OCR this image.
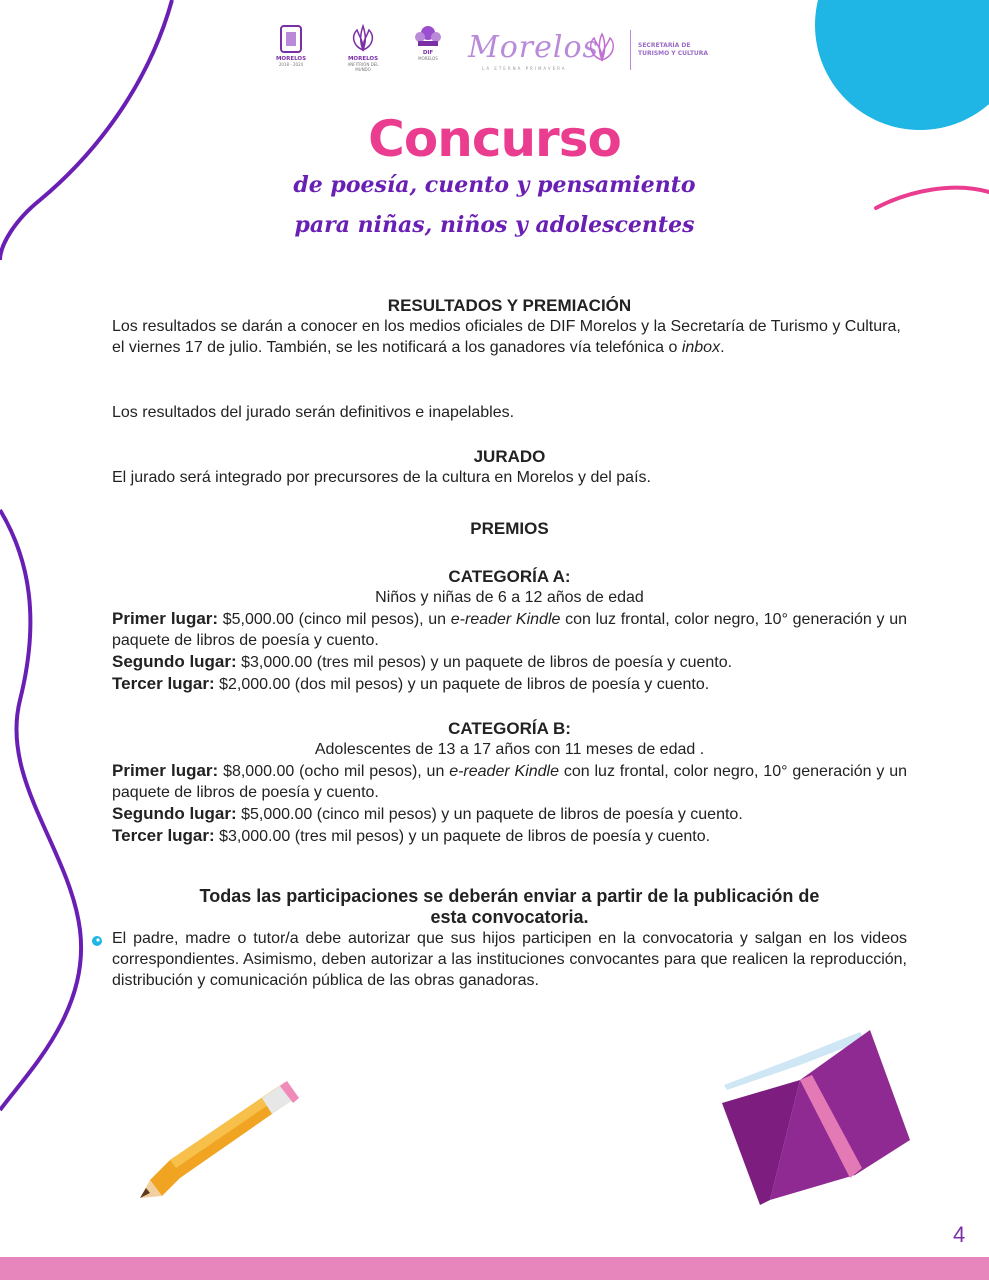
MORELOS
2018 - 2024
MORELOS
ANFITRIÓN DEL MUNDO
DIF
MORELOS Morelos
LA ETERNA PRIMAVERA
SECRETARÍA DE
TURISMO Y CULTURA
Concurso
de poesía, cuento y pensamiento
para niñas, niños y adolescentes
RESULTADOS Y PREMIACIÓN
Los resultados se darán a conocer en los medios oficiales de DIF Morelos y la Secretaría de Turismo y Cultura, el viernes 17 de julio. También, se les notificará a los ganadores vía telefónica o inbox.
Los resultados del jurado serán definitivos e inapelables.
JURADO
El jurado será integrado por precursores de la cultura en Morelos y del país.
PREMIOS
CATEGORÍA A:
Niños y niñas de 6 a 12 años de edad
Primer lugar: $5,000.00 (cinco mil pesos), un e-reader Kindle con luz frontal, color negro, 10° generación y un paquete de libros de poesía y cuento.
Segundo lugar: $3,000.00 (tres mil pesos) y un paquete de libros de poesía y cuento.
Tercer lugar: $2,000.00 (dos mil pesos) y un paquete de libros de poesía y cuento.
CATEGORÍA B:
Adolescentes de 13 a 17 años con 11 meses de edad .
Primer lugar: $8,000.00 (ocho mil pesos), un e-reader Kindle con luz frontal, color negro, 10° generación y un paquete de libros de poesía y cuento.
Segundo lugar: $5,000.00 (cinco mil pesos) y un paquete de libros de poesía y cuento.
Tercer lugar: $3,000.00 (tres mil pesos) y un paquete de libros de poesía y cuento.
Todas las participaciones se deberán enviar a partir de la publicación de
esta convocatoria.
El padre, madre o tutor/a debe autorizar que sus hijos participen en la convocatoria y salgan en los videos correspondientes. Asimismo, deben autorizar a las instituciones convocantes para que realicen la reproducción, distribución y comunicación pública de las obras ganadoras.
4
